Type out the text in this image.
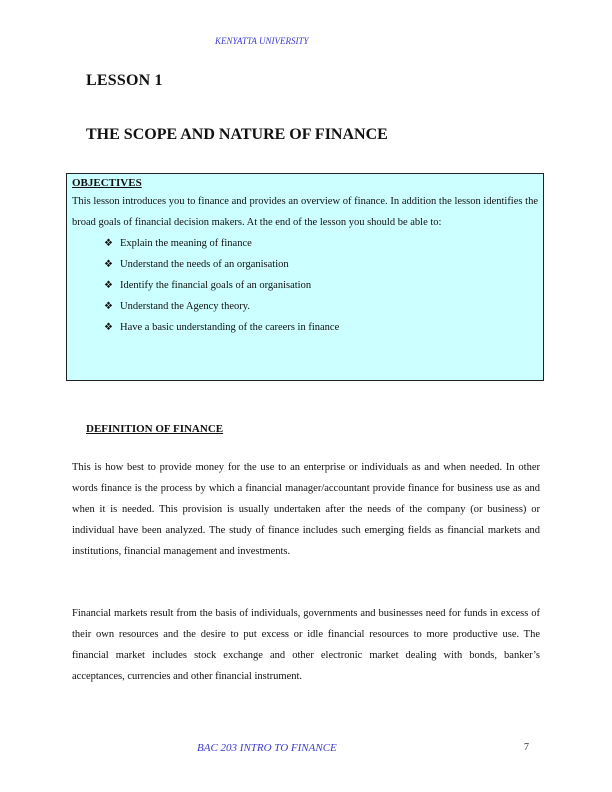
KENYATTA UNIVERSITY
LESSON 1
THE SCOPE AND NATURE OF FINANCE
OBJECTIVES
This lesson introduces you to finance and provides an overview of finance. In addition the lesson identifies the broad goals of financial decision makers. At the end of the lesson you should be able to:
❖ Explain the meaning of finance
❖ Understand the needs of an organisation
❖ Identify the financial goals of an organisation
❖ Understand the Agency theory.
❖ Have a basic understanding of the careers in finance
DEFINITION OF FINANCE
This is how best to provide money for the use to an enterprise or individuals as and when needed. In other words finance is the process by which a financial manager/accountant provide finance for business use as and when it is needed. This provision is usually undertaken after the needs of the company (or business) or individual have been analyzed. The study of finance includes such emerging fields as financial markets and institutions, financial management and investments.
Financial markets result from the basis of individuals, governments and businesses need for funds in excess of their own resources and the desire to put excess or idle financial resources to more productive use. The financial market includes stock exchange and other electronic market dealing with bonds, banker’s acceptances, currencies and other financial instrument.
BAC 203 INTRO TO FINANCE	7
